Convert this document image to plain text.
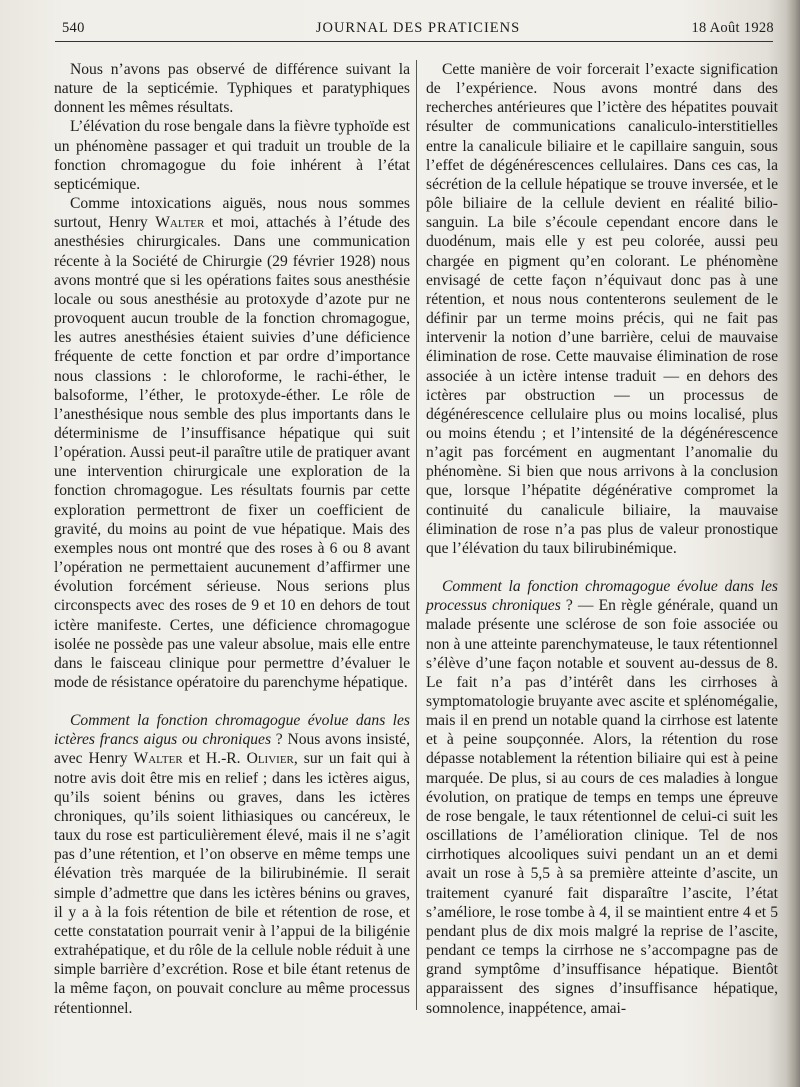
540	JOURNAL DES PRATICIENS	18 Août 1928

Nous n’avons pas observé de différence suivant la nature de la septicémie. Typhiques et paratyphiques donnent les mêmes résultats.

L’élévation du rose bengale dans la fièvre typhoïde est un phénomène passager et qui traduit un trouble de la fonction chromagogue du foie inhérent à l’état septicémique.

Comme intoxications aiguës, nous nous sommes surtout, Henry Walter et moi, attachés à l’étude des anesthésies chirurgicales. Dans une communication récente à la Société de Chirurgie (29 février 1928) nous avons montré que si les opérations faites sous anesthésie locale ou sous anesthésie au protoxyde d’azote pur ne provoquent aucun trouble de la fonction chromagogue, les autres anesthésies étaient suivies d’une déficience fréquente de cette fonction et par ordre d’importance nous classions : le chloroforme, le rachi-éther, le balsoforme, l’éther, le protoxyde-éther. Le rôle de l’anesthésique nous semble des plus importants dans le déterminisme de l’insuffisance hépatique qui suit l’opération. Aussi peut-il paraître utile de pratiquer avant une intervention chirurgicale une exploration de la fonction chromagogue. Les résultats fournis par cette exploration permettront de fixer un coefficient de gravité, du moins au point de vue hépatique. Mais des exemples nous ont montré que des roses à 6 ou 8 avant l’opération ne permettaient aucunement d’affirmer une évolution forcément sérieuse. Nous serions plus circonspects avec des roses de 9 et 10 en dehors de tout ictère manifeste. Certes, une déficience chromagogue isolée ne possède pas une valeur absolue, mais elle entre dans le faisceau clinique pour permettre d’évaluer le mode de résistance opératoire du parenchyme hépatique.

Comment la fonction chromagogue évolue dans les ictères francs aigus ou chroniques ? Nous avons insisté, avec Henry Walter et H.-R. Olivier, sur un fait qui à notre avis doit être mis en relief ; dans les ictères aigus, qu’ils soient bénins ou graves, dans les ictères chroniques, qu’ils soient lithiasiques ou cancéreux, le taux du rose est particulièrement élevé, mais il ne s’agit pas d’une rétention, et l’on observe en même temps une élévation très marquée de la bilirubinémie. Il serait simple d’admettre que dans les ictères bénins ou graves, il y a à la fois rétention de bile et rétention de rose, et cette constatation pourrait venir à l’appui de la biligénie extrahépatique, et du rôle de la cellule noble réduit à une simple barrière d’excrétion. Rose et bile étant retenus de la même façon, on pouvait conclure au même processus rétentionnel.

Cette manière de voir forcerait l’exacte signification de l’expérience. Nous avons montré dans des recherches antérieures que l’ictère des hépatites pouvait résulter de communications canaliculo-interstitielles entre la canalicule biliaire et le capillaire sanguin, sous l’effet de dégénérescences cellulaires. Dans ces cas, la sécrétion de la cellule hépatique se trouve inversée, et le pôle biliaire de la cellule devient en réalité bilio-sanguin. La bile s’écoule cependant encore dans le duodénum, mais elle y est peu colorée, aussi peu chargée en pigment qu’en colorant. Le phénomène envisagé de cette façon n’équivaut donc pas à une rétention, et nous nous contenterons seulement de le définir par un terme moins précis, qui ne fait pas intervenir la notion d’une barrière, celui de mauvaise élimination de rose. Cette mauvaise élimination de rose associée à un ictère intense traduit — en dehors des ictères par obstruction — un processus de dégénérescence cellulaire plus ou moins localisé, plus ou moins étendu ; et l’intensité de la dégénérescence n’agit pas forcément en augmentant l’anomalie du phénomène. Si bien que nous arrivons à la conclusion que, lorsque l’hépatite dégénérative compromet la continuité du canalicule biliaire, la mauvaise élimination de rose n’a pas plus de valeur pronostique que l’élévation du taux bilirubinémique.

Comment la fonction chromagogue évolue dans les processus chroniques ? — En règle générale, quand un malade présente une sclérose de son foie associée ou non à une atteinte parenchymateuse, le taux rétentionnel s’élève d’une façon notable et souvent au-dessus de 8. Le fait n’a pas d’intérêt dans les cirrhoses à symptomatologie bruyante avec ascite et splénomégalie, mais il en prend un notable quand la cirrhose est latente et à peine soupçonnée. Alors, la rétention du rose dépasse notablement la rétention biliaire qui est à peine marquée. De plus, si au cours de ces maladies à longue évolution, on pratique de temps en temps une épreuve de rose bengale, le taux rétentionnel de celui-ci suit les oscillations de l’amélioration clinique. Tel de nos cirrhotiques alcooliques suivi pendant un an et demi avait un rose à 5,5 à sa première atteinte d’ascite, un traitement cyanuré fait disparaître l’ascite, l’état s’améliore, le rose tombe à 4, il se maintient entre 4 et 5 pendant plus de dix mois malgré la reprise de l’ascite, pendant ce temps la cirrhose ne s’accompagne pas de grand symptôme d’insuffisance hépatique. Bientôt apparaissent des signes d’insuffisance hépatique, somnolence, inappétence, amai-
